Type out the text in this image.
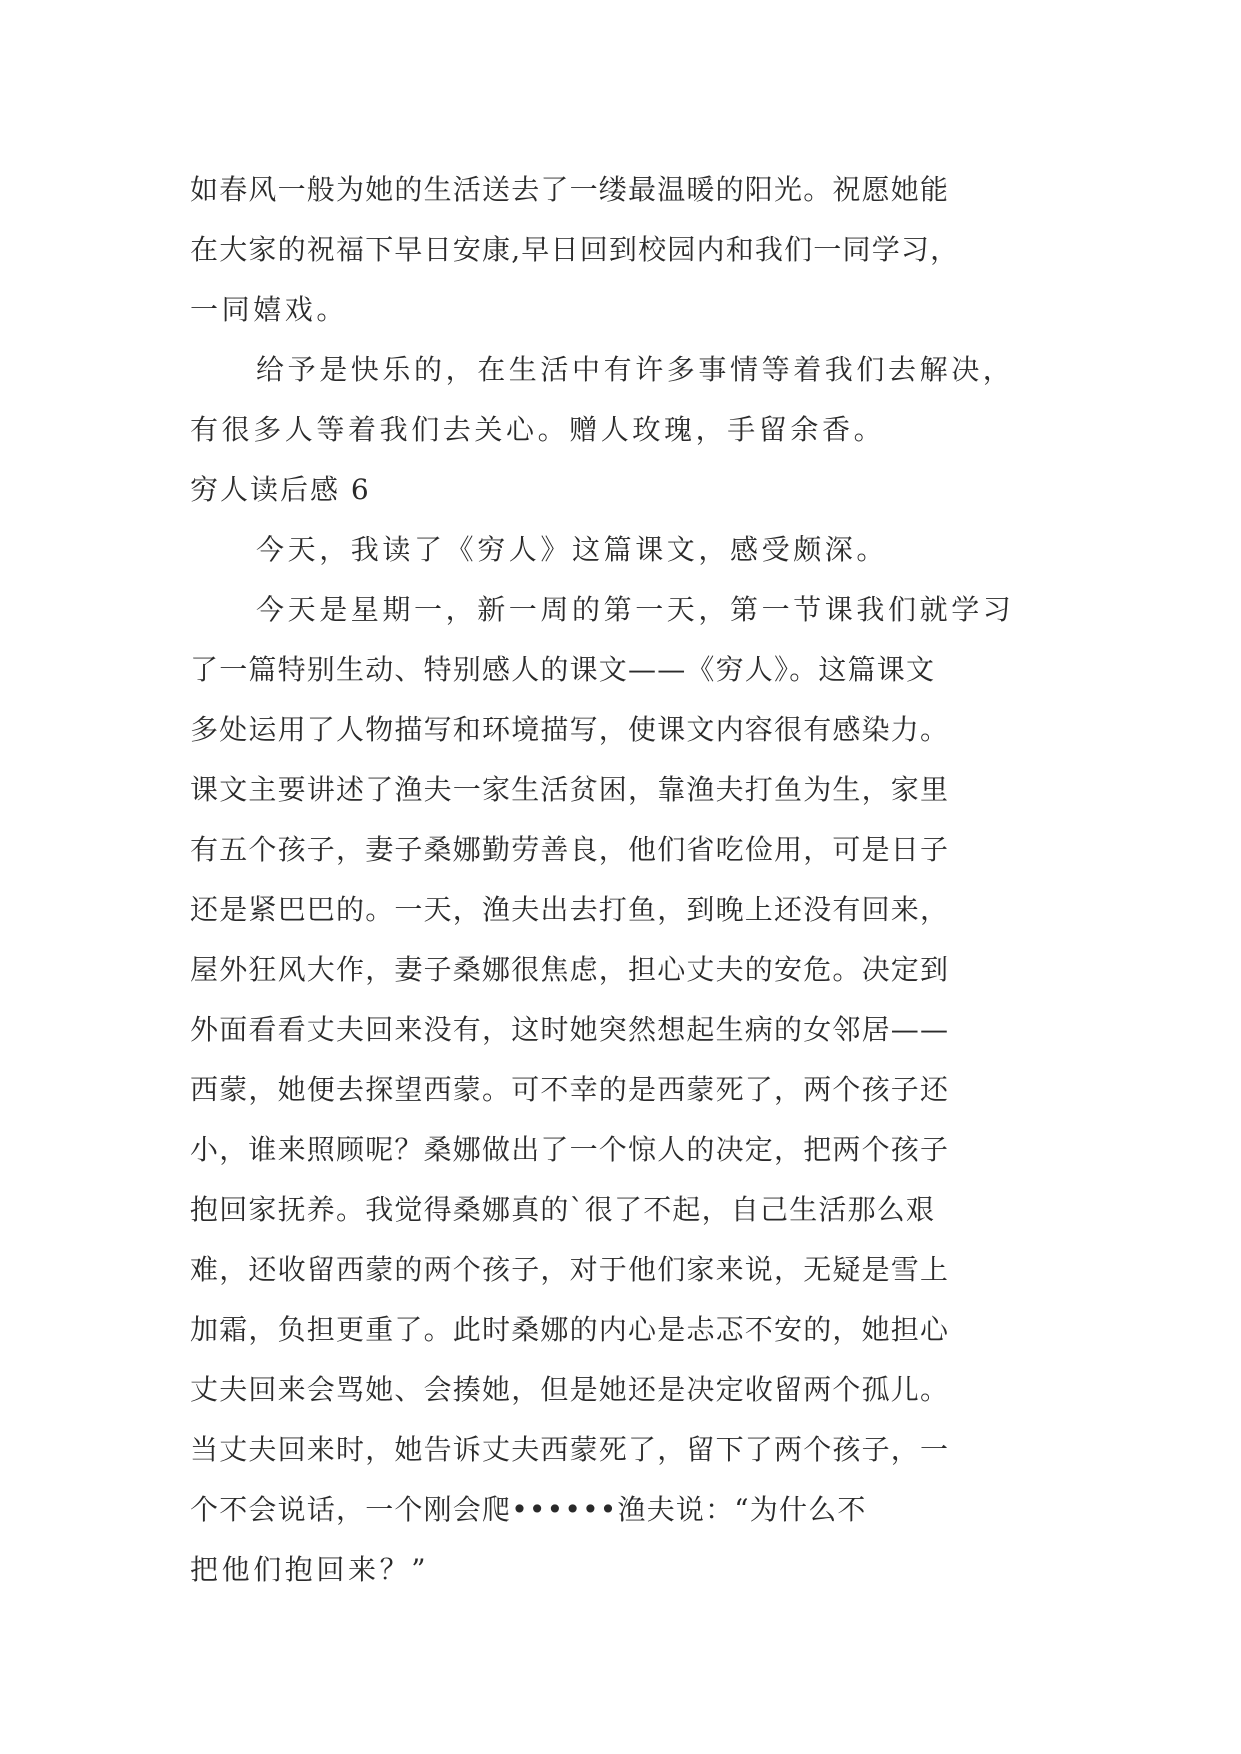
如春风一般为她的生活送去了一缕最温暖的阳光。祝愿她能
在大家的祝福下早日安康,早日回到校园内和我们一同学习，
一同嬉戏。
给予是快乐的，在生活中有许多事情等着我们去解决，
有很多人等着我们去关心。赠人玫瑰，手留余香。
穷人读后感 6
今天，我读了《穷人》这篇课文，感受颇深。
今天是星期一，新一周的第一天，第一节课我们就学习
了一篇特别生动、特别感人的课文——《穷人》。这篇课文
多处运用了人物描写和环境描写，使课文内容很有感染力。
课文主要讲述了渔夫一家生活贫困，靠渔夫打鱼为生，家里
有五个孩子，妻子桑娜勤劳善良，他们省吃俭用，可是日子
还是紧巴巴的。一天，渔夫出去打鱼，到晚上还没有回来，
屋外狂风大作，妻子桑娜很焦虑，担心丈夫的安危。决定到
外面看看丈夫回来没有，这时她突然想起生病的女邻居——
西蒙，她便去探望西蒙。可不幸的是西蒙死了，两个孩子还
小，谁来照顾呢？桑娜做出了一个惊人的决定，把两个孩子
抱回家抚养。我觉得桑娜真的`很了不起，自己生活那么艰
难，还收留西蒙的两个孩子，对于他们家来说，无疑是雪上
加霜，负担更重了。此时桑娜的内心是忐忑不安的，她担心
丈夫回来会骂她、会揍她，但是她还是决定收留两个孤儿。
当丈夫回来时，她告诉丈夫西蒙死了，留下了两个孩子，一
个不会说话，一个刚会爬••••••渔夫说：“为什么不
把他们抱回来？”
